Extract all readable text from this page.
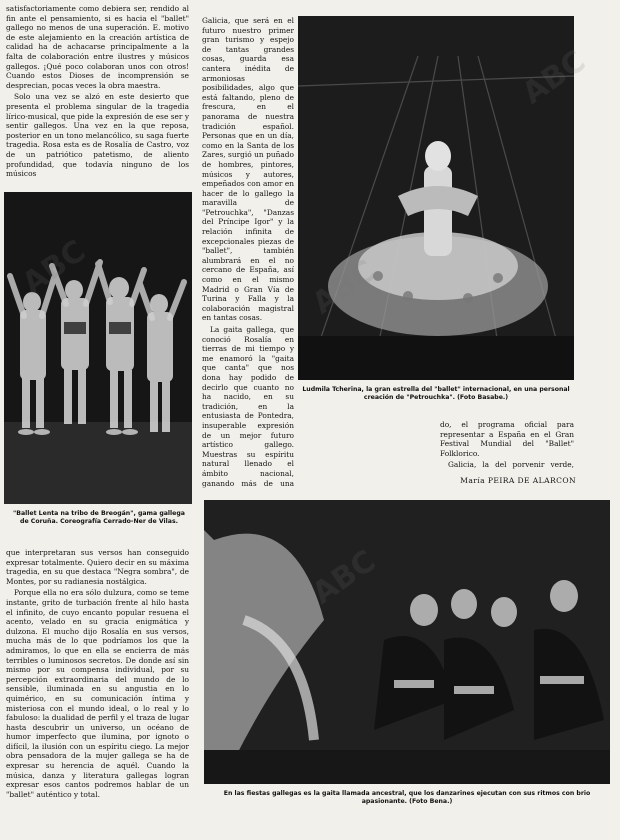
satisfactoriamente como debiera ser, rendido al fin ante el pensamiento, si es hacia el "ballet" gallego no menos de una superación. E. motivo de este alejamiento en la creación artística de calidad ha de achacarse principalmente a la falta de colaboración entre ilustres y músicos gallegos. ¡Qué poco colaboran unos con otros! Cuando estos Dioses de incomprensión se desprecian, pocas veces la obra maestra.

Solo una vez se alzó en este desierto que presenta el problema singular de la tragedia lírico-musical, que pide la expresión de ese ser y sentir gallegos. Una vez en la que reposa, posterior en un tono melancólico, su saga fuerte tragedia. Rosa esta es de Rosalía de Castro, voz de un patriótico patetismo, de aliento profundidad, que todavía ninguno de los músicos

"Ballet Lenta na tribo de Breogán", gama gallega de Coruña. Coreografía Cerrado-Ner de Vilas.

que interpretaran sus versos han conseguido expresar totalmente. Quiero decir en su máxima tragedia, en su que destaca "Negra sombra", de Montes, por su radianesia nostálgica.

Porque ella no era sólo dulzura, como se teme instante, grito de turbación frente al hilo hasta el infinito, de cuyo encanto popular resuena el acento, velado en su gracia enigmática y dulzona. El mucho dijo Rosalía en sus versos, mucha más de lo que podríamos los que la admiramos, lo que en ella se encierra de más terribles o luminosos secretos. De donde así sin mismo por su compensa individual, por su percepción extraordinaria del mundo de lo sensible, iluminada en su angustia en lo quimérico, en su comunicación íntima y misteriosa con el mundo ideal, o lo real y lo fabuloso: la dualidad de perfil y el traza de lugar hasta descubrir un universo, un océano de humor imperfecto que ilumina, por ignoto o difícil, la ilusión con un espíritu ciego. La mejor obra pensadora de la mujer gallega se ha de expresar su herencia de aquél. Cuando la música, danza y literatura gallegas logran expresar esos cantos podremos hablar de un "ballet" auténtico y total.

Galicia, que será en el futuro nuestro primer gran turismo y espejo de tantas grandes cosas, guarda esa cantera inédita de armoniosas posibilidades, algo que está faltando, pleno de frescura, en el panorama de nuestra tradición español. Personas que en un día, como en la Santa de los Zares, surgió un puñado de hombres, pintores, músicos y autores, empeñados con amor en hacer de lo gallego la maravilla de "Petrouchka", "Danzas del Príncipe Igor" y la relación infinita de excepcionales piezas de "ballet", también alumbrará en el no cercano de España, así como en el mismo Madrid o Gran Vía de Turina y Falla y la colaboración magistral en tantas cosas.

La gaita gallega, que conoció Rosalía en tierras de mi tiempo y me enamoró la "gaita que canta" que nos dona hay podido de decirlo que cuanto no ha nacido, en su tradición, en la entusiasta de Pontedra, insuperable expresión de un mejor futuro artístico gallego. Muestras su espíritu natural llenado el ámbito nacional, ganando más de una

Ludmila Tcherina, la gran estrella del "ballet" internacional, en una personal creación de "Petrouchka". (Foto Basabe.)

do, el programa oficial para representar a España en el Gran Festival Mundial del "Ballet" Folklorico.

Galicia, la del porvenir verde,

María PEIRA DE ALARCON
En las fiestas gallegas es la gaita llamada ancestral, que los danzarines ejecutan con sus ritmos con brio apasionante. (Foto Bena.)
